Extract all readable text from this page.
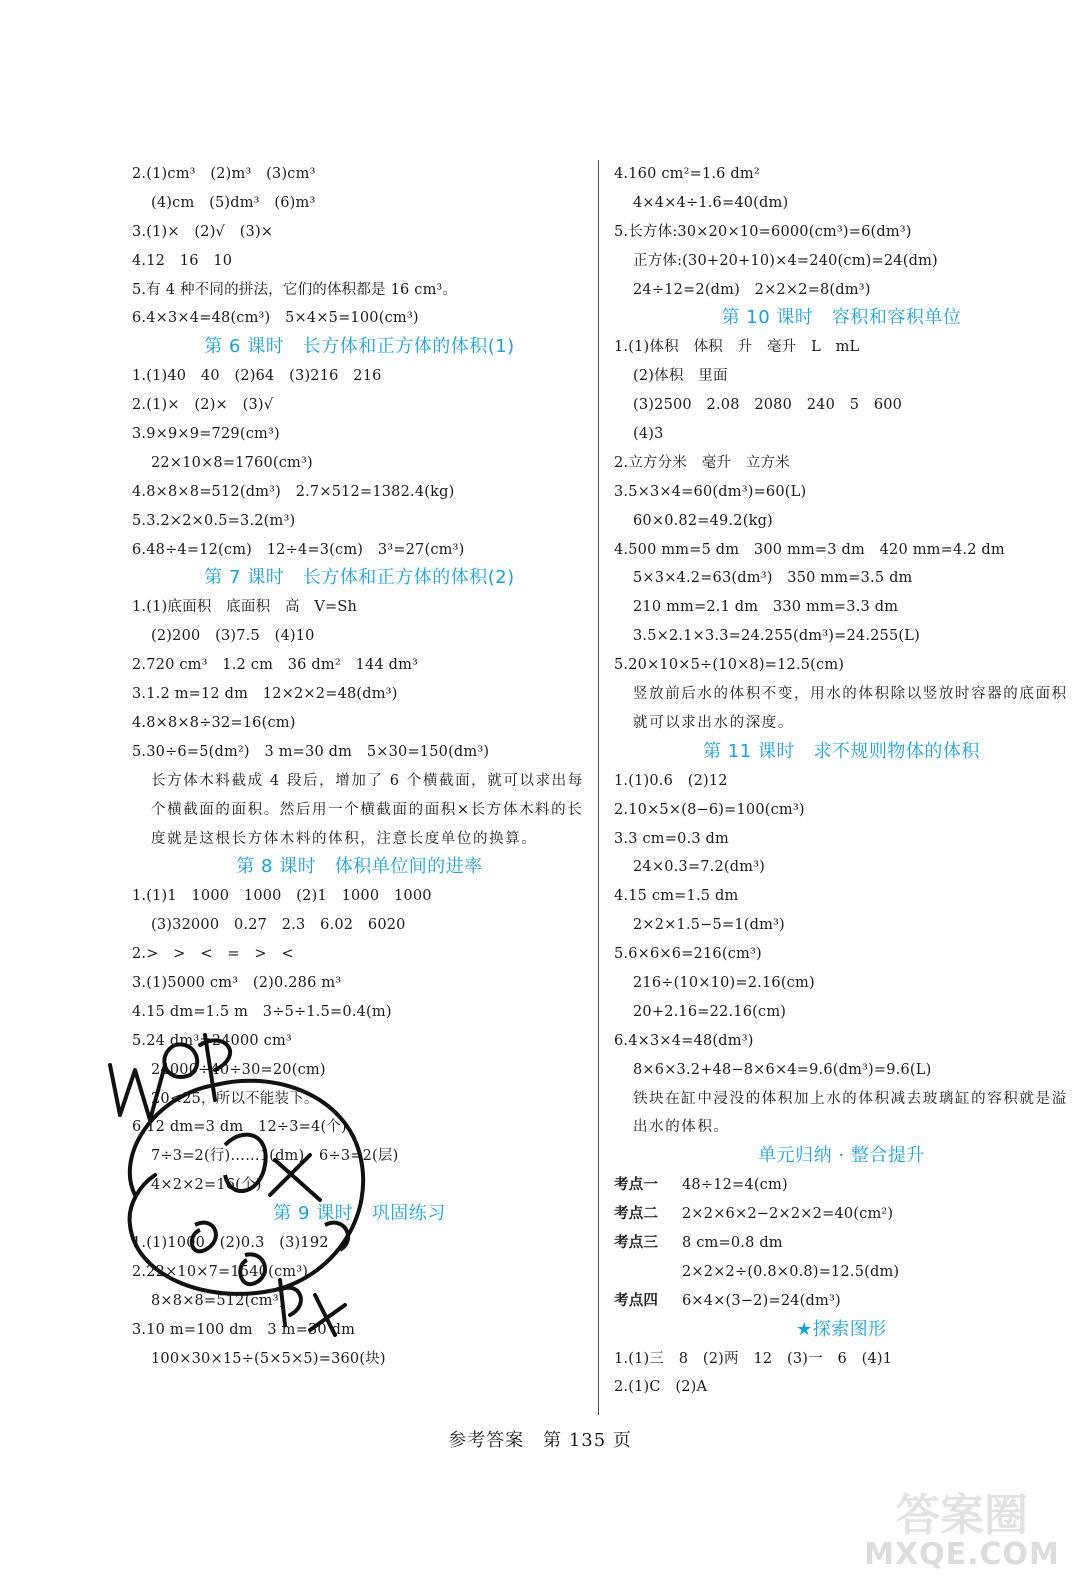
2.(1)cm³　(2)m³　(3)cm³
(4)cm　(5)dm³　(6)m³
3.(1)×　(2)√　(3)×
4.12　16　10
5.有 4 种不同的拼法，它们的体积都是 16 cm³。
6.4×3×4=48(cm³)　5×4×5=100(cm³)
第 6 课时　长方体和正方体的体积(1)
1.(1)40　40　(2)64　(3)216　216
2.(1)×　(2)×　(3)√
3.9×9×9=729(cm³)
22×10×8=1760(cm³)
4.8×8×8=512(dm³)　2.7×512=1382.4(kg)
5.3.2×2×0.5=3.2(m³)
6.48÷4=12(cm)　12÷4=3(cm)　3³=27(cm³)
第 7 课时　长方体和正方体的体积(2)
1.(1)底面积　底面积　高　V=Sh
(2)200　(3)7.5　(4)10
2.720 cm³　1.2 cm　36 dm²　144 dm³
3.1.2 m=12 dm　12×2×2=48(dm³)
4.8×8×8÷32=16(cm)
5.30÷6=5(dm²)　3 m=30 dm　5×30=150(dm³)
长方体木料截成 4 段后，增加了 6 个横截面，就可以求出每个横截面的面积。然后用一个横截面的面积×长方体木料的长度就是这根长方体木料的体积，注意长度单位的换算。
第 8 课时　体积单位间的进率
1.(1)1　1000　1000　(2)1　1000　1000
(3)32000　0.27　2.3　6.02　6020
2.>　>　<　=　>　<
3.(1)5000 cm³　(2)0.286 m³
4.15 dm=1.5 m　3÷5÷1.5=0.4(m)
5.24 dm³=24000 cm³
24000÷40÷30=20(cm)
20<25，所以不能装下。
6.12 dm=3 dm　12÷3=4(个)
7÷3=2(行)……1(dm)　6÷3=2(层)
4×2×2=16(个)
第 9 课时　巩固练习
1.(1)1000　(2)0.3　(3)192
2.22×10×7=1540(cm³)
8×8×8=512(cm³)
3.10 m=100 dm　3 m=30 dm
100×30×15÷(5×5×5)=360(块)
4.160 cm²=1.6 dm²
4×4×4÷1.6=40(dm)
5.长方体:30×20×10=6000(cm³)=6(dm³)
正方体:(30+20+10)×4=240(cm)=24(dm)
24÷12=2(dm)　2×2×2=8(dm³)
第 10 课时　容积和容积单位
1.(1)体积　体积　升　毫升　L　mL
(2)体积　里面
(3)2500　2.08　2080　240　5　600
(4)3
2.立方分米　毫升　立方米
3.5×3×4=60(dm³)=60(L)
60×0.82=49.2(kg)
4.500 mm=5 dm　300 mm=3 dm　420 mm=4.2 dm
5×3×4.2=63(dm³)　350 mm=3.5 dm
210 mm=2.1 dm　330 mm=3.3 dm
3.5×2.1×3.3=24.255(dm³)=24.255(L)
5.20×10×5÷(10×8)=12.5(cm)
竖放前后水的体积不变，用水的体积除以竖放时容器的底面积就可以求出水的深度。
第 11 课时　求不规则物体的体积
1.(1)0.6　(2)12
2.10×5×(8−6)=100(cm³)
3.3 cm=0.3 dm
24×0.3=7.2(dm³)
4.15 cm=1.5 dm
2×2×1.5−5=1(dm³)
5.6×6×6=216(cm³)
216÷(10×10)=2.16(cm)
20+2.16=22.16(cm)
6.4×3×4=48(dm³)
8×6×3.2+48−8×6×4=9.6(dm³)=9.6(L)
铁块在缸中浸没的体积加上水的体积减去玻璃缸的容积就是溢出水的体积。
单元归纳 · 整合提升
考点一 48÷12=4(cm)
考点二 2×2×6×2−2×2×2=40(cm²)
考点三 8 cm=0.8 dm
2×2×2÷(0.8×0.8)=12.5(dm)
考点四 6×4×(3−2)=24(dm³)
★探索图形
1.(1)三　8　(2)两　12　(3)一　6　(4)1
2.(1)C　(2)A
参考答案　第 135 页
答案圈
MXQE.COM
